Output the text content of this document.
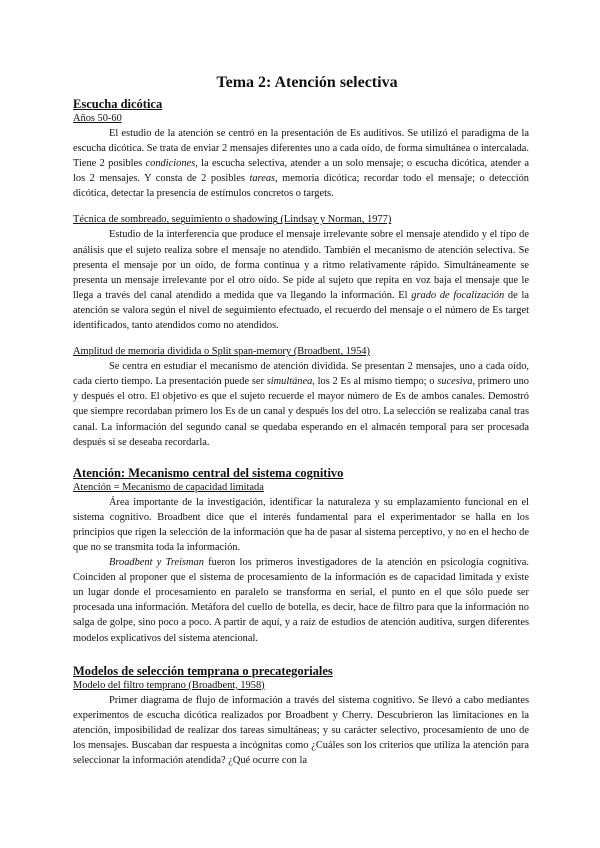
Tema 2: Atención selectiva
Escucha dicótica
Años 50-60

El estudio de la atención se centró en la presentación de Es auditivos. Se utilizó el paradigma de la escucha dicótica. Se trata de enviar 2 mensajes diferentes uno a cada oído, de forma simultánea o intercalada. Tiene 2 posibles condiciones, la escucha selectiva, atender a un solo mensaje; o escucha dicótica, atender a los 2 mensajes. Y consta de 2 posibles tareas, memoria dicótica; recordar todo el mensaje; o detección dicótica, detectar la presencia de estímulos concretos o targets.

Técnica de sombreado, seguimiento o shadowing (Lindsay y Norman, 1977)

Estudio de la interferencia que produce el mensaje irrelevante sobre el mensaje atendido y el tipo de análisis que el sujeto realiza sobre el mensaje no atendido. También el mecanismo de atención selectiva. Se presenta el mensaje por un oído, de forma continua y a ritmo relativamente rápido. Simultáneamente se presenta un mensaje irrelevante por el otro oído. Se pide al sujeto que repita en voz baja el mensaje que le llega a través del canal atendido a medida que va llegando la información. El grado de focalización de la atención se valora según el nivel de seguimiento efectuado, el recuerdo del mensaje o el número de Es target identificados, tanto atendidos como no atendidos.

Amplitud de memoria dividida o Split span-memory (Broadbent, 1954)

Se centra en estudiar el mecanismo de atención dividida. Se presentan 2 mensajes, uno a cada oído, cada cierto tiempo. La presentación puede ser simultánea, los 2 Es al mismo tiempo; o sucesiva, primero uno y después el otro. El objetivo es que el sujeto recuerde el mayor número de Es de ambos canales. Demostró que siempre recordaban primero los Es de un canal y después los del otro. La selección se realizaba canal tras canal. La información del segundo canal se quedaba esperando en el almacén temporal para ser procesada después si se deseaba recordarla.

Atención: Mecanismo central del sistema cognitivo
Atención = Mecanismo de capacidad limitada

Área importante de la investigación, identificar la naturaleza y su emplazamiento funcional en el sistema cognitivo. Broadbent dice que el interés fundamental para el experimentador se halla en los principios que rigen la selección de la información que ha de pasar al sistema perceptivo, y no en el hecho de que no se transmita toda la información.

Broadbent y Treisman fueron los primeros investigadores de la atención en psicología cognitiva. Coinciden al proponer que el sistema de procesamiento de la información es de capacidad limitada y existe un lugar donde el procesamiento en paralelo se transforma en serial, el punto en el que sólo puede ser procesada una información. Metáfora del cuello de botella, es decir, hace de filtro para que la información no salga de golpe, sino poco a poco. A partir de aquí, y a raíz de estudios de atención auditiva, surgen diferentes modelos explicativos del sistema atencional.

Modelos de selección temprana o precategoriales
Modelo del filtro temprano (Broadbent, 1958)

Primer diagrama de flujo de información a través del sistema cognitivo. Se llevó a cabo mediantes experimentos de escucha dicótica realizados por Broadbent y Cherry. Descubrieron las limitaciones en la atención, imposibilidad de realizar dos tareas simultáneas; y su carácter selectivo, procesamiento de uno de los mensajes. Buscaban dar respuesta a incógnitas como ¿Cuáles son los criterios que utiliza la atención para seleccionar la información atendida? ¿Qué ocurre con la
